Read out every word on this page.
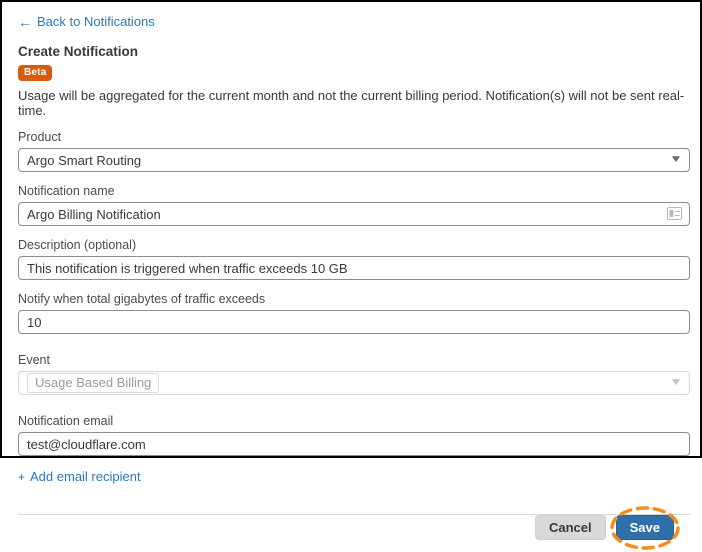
← Back to Notifications
Create Notification
Beta

Usage will be aggregated for the current month and not the current billing period. Notification(s) will not be sent real-time.

Product
Argo Smart Routing	▼
Notification name
Argo Billing Notification
Description (optional)
This notification is triggered when traffic exceeds 10 GB
Notify when total gigabytes of traffic exceeds
10
Event
Usage Based Billing	▼
Notification email
test@cloudflare.com
+ Add email recipient
Cancel	Save
